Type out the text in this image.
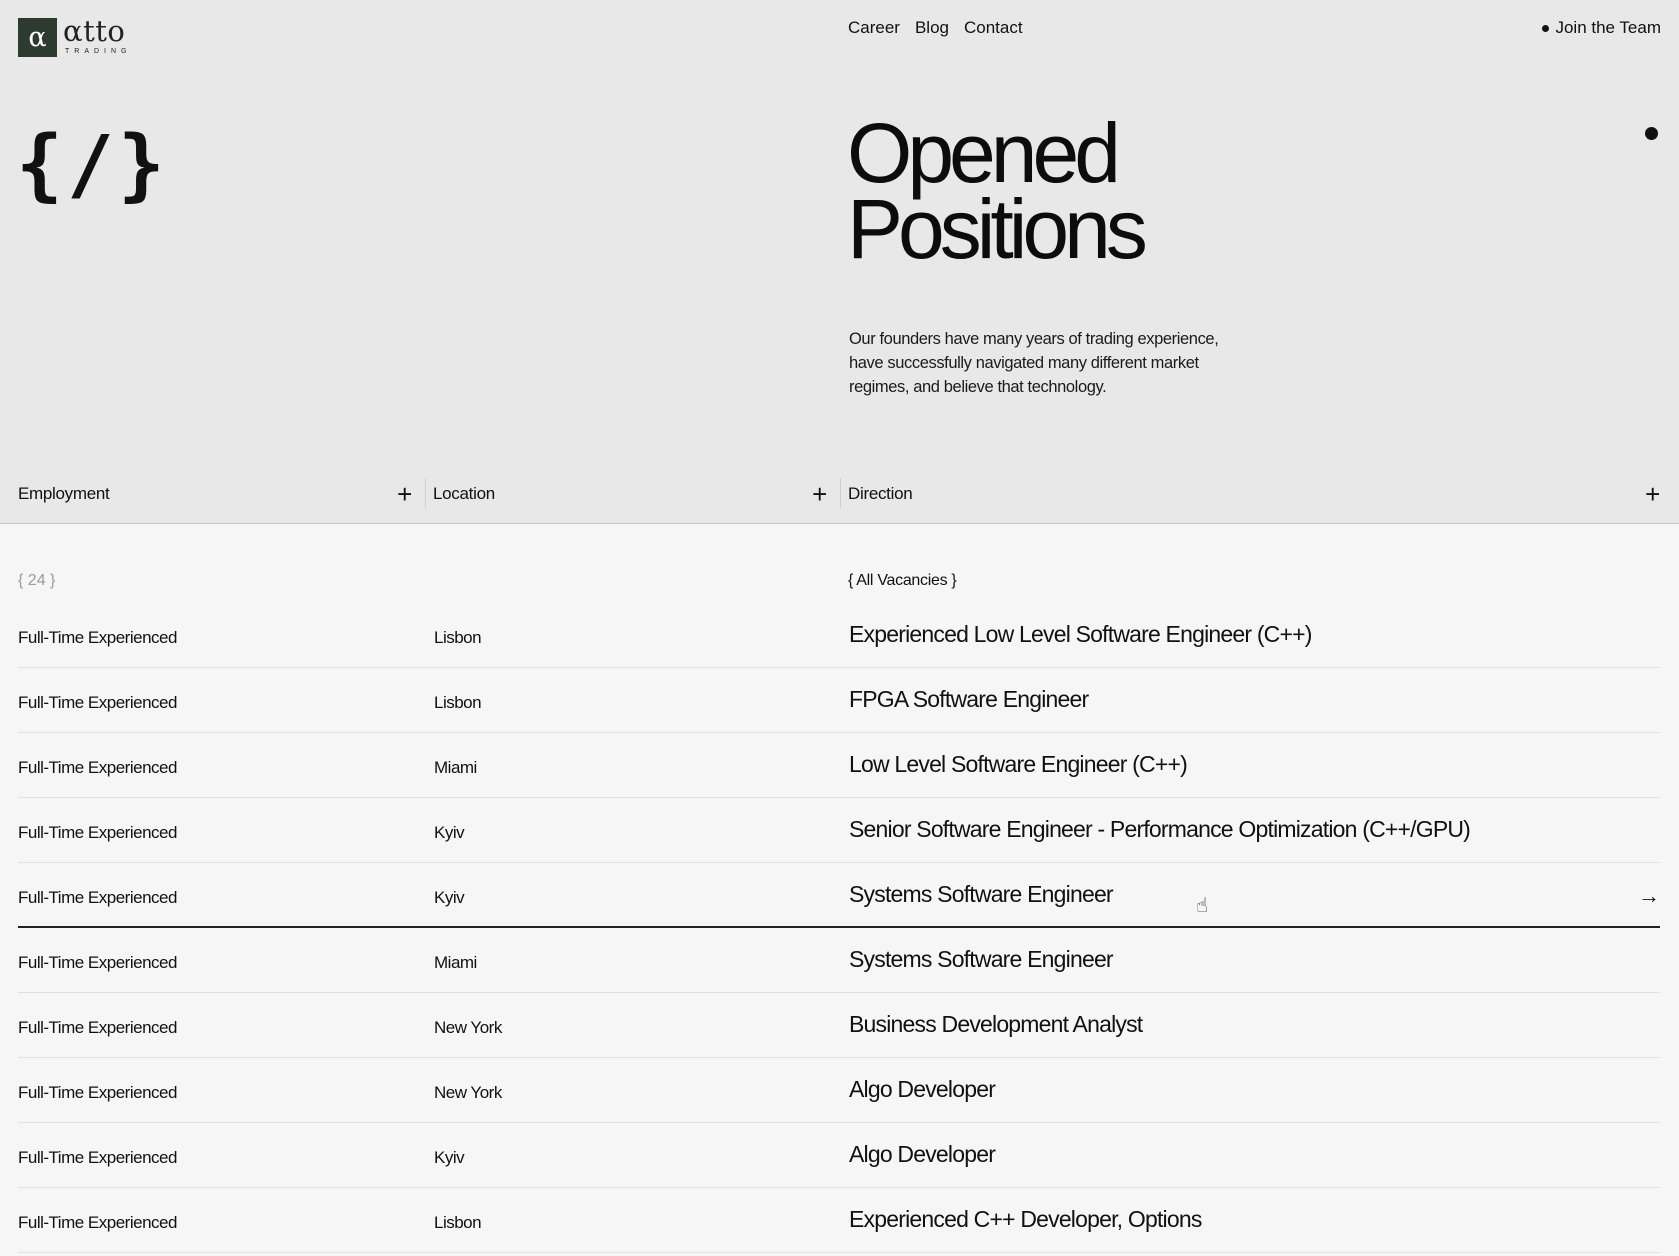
α αtto
TRADING
Career Blog Contact	Join the Team
{/}	Opened
Positions

Our founders have many years of trading experience, have successfully navigated many different market regimes, and believe that technology.

Employment	+ Location	+ Direction	+
{ 24 }	{ All Vacancies }
Full-Time Experienced	Lisbon	Experienced Low Level Software Engineer (C++)
Full-Time Experienced	Lisbon	FPGA Software Engineer
Full-Time Experienced	Miami	Low Level Software Engineer (C++)
Full-Time Experienced	Kyiv	Senior Software Engineer - Performance Optimization (C++/GPU)
Full-Time Experienced	Kyiv	Systems Software Engineer	☝	→
Full-Time Experienced	Miami	Systems Software Engineer
Full-Time Experienced	New York	Business Development Analyst
Full-Time Experienced	New York	Algo Developer
Full-Time Experienced	Kyiv	Algo Developer
Full-Time Experienced	Lisbon	Experienced C++ Developer, Options
